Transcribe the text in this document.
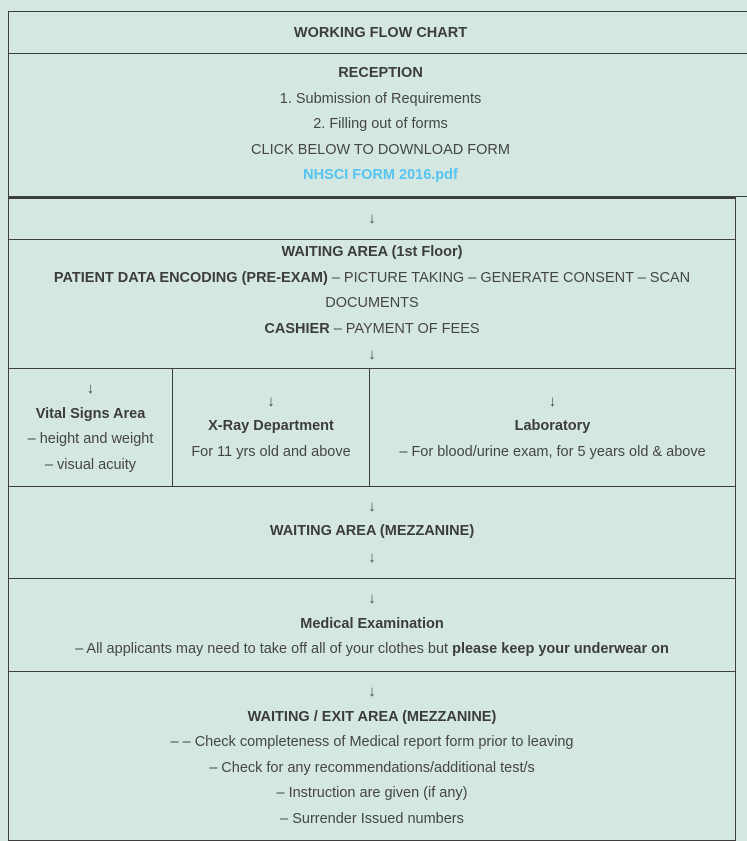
WORKING FLOW CHART

RECEPTION
1. Submission of Requirements
2. Filling out of forms
CLICK BELOW TO DOWNLOAD FORM
NHSCI FORM 2016.pdf
↓

WAITING AREA (1st Floor)
PATIENT DATA ENCODING (PRE-EXAM) – PICTURE TAKING – GENERATE CONSENT – SCAN DOCUMENTS
CASHIER – PAYMENT OF FEES
↓

↓
Vital Signs Area
– height and weight
– visual acuity

↓
X-Ray Department
For 11 yrs old and above

↓
Laboratory
– For blood/urine exam, for 5 years old & above

↓
WAITING AREA (MEZZANINE)
↓

↓
Medical Examination
– All applicants may need to take off all of your clothes but please keep your underwear on

↓
WAITING / EXIT AREA (MEZZANINE)
– – Check completeness of Medical report form prior to leaving
– Check for any recommendations/additional test/s
– Instruction are given (if any)
– Surrender Issued numbers
